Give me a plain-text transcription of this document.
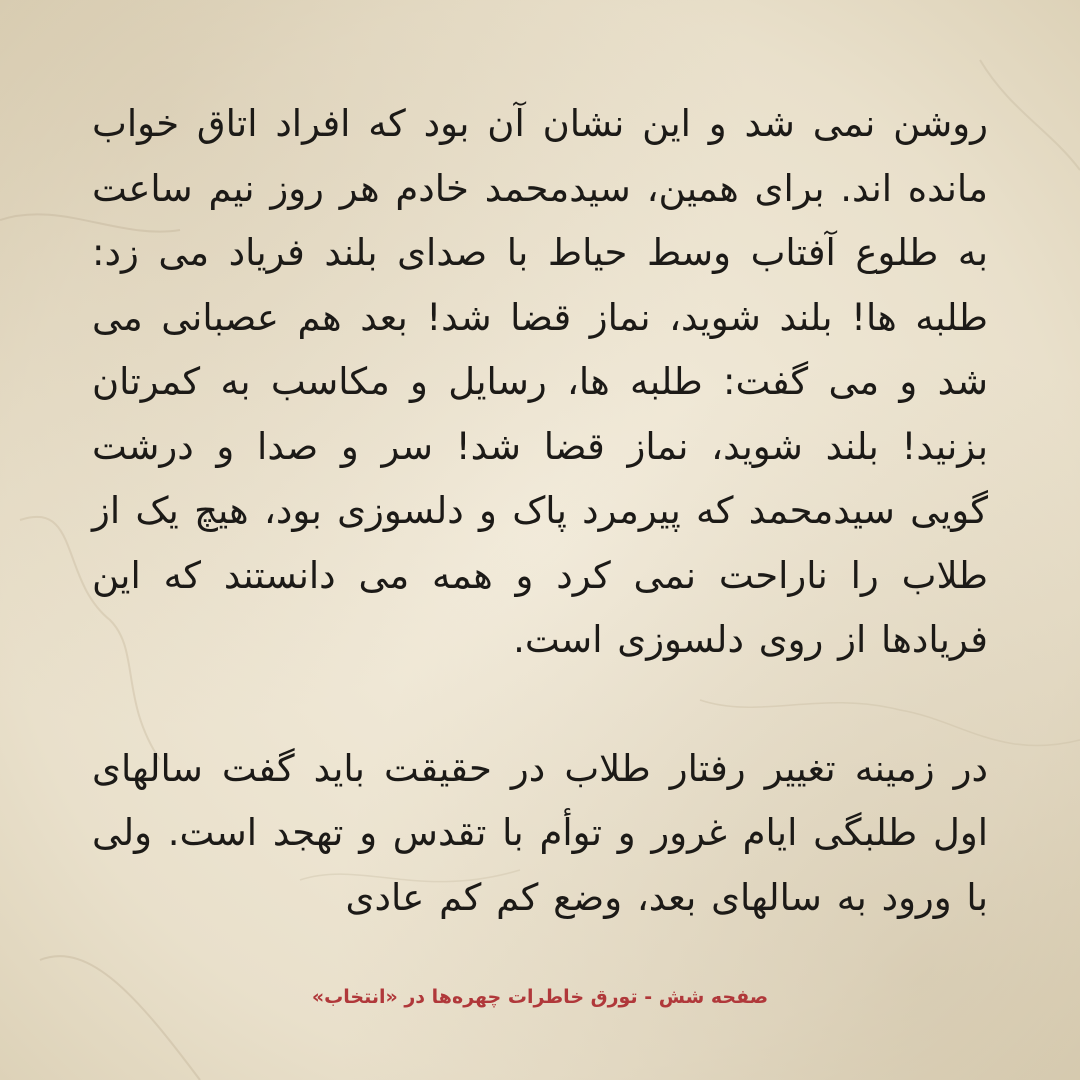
روشن نمی شد و این نشان آن بود که افراد اتاق خواب مانده اند. برای همین، سیدمحمد خادم هر روز نیم ساعت به طلوع آفتاب وسط حیاط با صدای بلند فریاد می زد: طلبه ها! بلند شوید، نماز قضا شد! بعد هم عصبانی می شد و می گفت: طلبه ها، رسایل و مکاسب به کمرتان بزنید! بلند شوید، نماز قضا شد! سر و صدا و درشت گویی سیدمحمد که پیرمرد پاک و دلسوزی بود، هیچ یک از طلاب را ناراحت نمی کرد و همه می دانستند که این فریادها از روی دلسوزی است.

در زمینه تغییر رفتار طلاب در حقیقت باید گفت سالهای اول طلبگی ایام غرور و توأم با تقدس و تهجد است. ولی با ورود به سالهای بعد، وضع کم کم عادی

صفحه شش - تورق خاطرات چهره‌ها در «انتخاب»
